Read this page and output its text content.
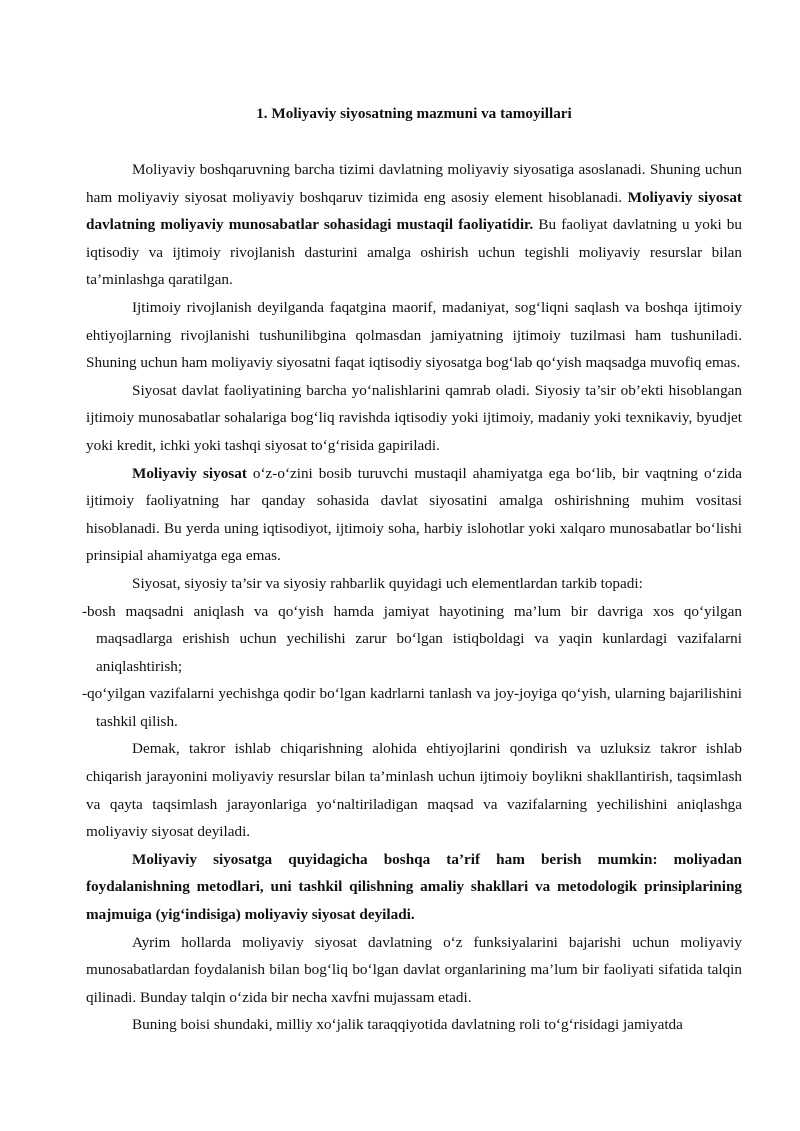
1. Moliyaviy siyosatning mazmuni va tamoyillari

Moliyaviy boshqaruvning barcha tizimi davlatning moliyaviy siyosatiga asoslanadi. Shuning uchun ham moliyaviy siyosat moliyaviy boshqaruv tizimida eng asosiy element hisoblanadi. Moliyaviy siyosat davlatning moliyaviy munosabatlar sohasidagi mustaqil faoliyatidir. Bu faoliyat davlatning u yoki bu iqtisodiy va ijtimoiy rivojlanish dasturini amalga oshirish uchun tegishli moliyaviy resurslar bilan ta’minlashga qaratilgan.

Ijtimoiy rivojlanish deyilganda faqatgina maorif, madaniyat, sog‘liqni saqlash va boshqa ijtimoiy ehtiyojlarning rivojlanishi tushunilibgina qolmasdan jamiyatning ijtimoiy tuzilmasi ham tushuniladi. Shuning uchun ham moliyaviy siyosatni faqat iqtisodiy siyosatga bog‘lab qo‘yish maqsadga muvofiq emas.

Siyosat davlat faoliyatining barcha yo‘nalishlarini qamrab oladi. Siyosiy ta’sir ob’ekti hisoblangan ijtimoiy munosabatlar sohalariga bog‘liq ravishda iqtisodiy yoki ijtimoiy, madaniy yoki texnikaviy, byudjet yoki kredit, ichki yoki tashqi siyosat to‘g‘risida gapiriladi.

Moliyaviy siyosat o‘z-o‘zini bosib turuvchi mustaqil ahamiyatga ega bo‘lib, bir vaqtning o‘zida ijtimoiy faoliyatning har qanday sohasida davlat siyosatini amalga oshirishning muhim vositasi hisoblanadi. Bu yerda uning iqtisodiyot, ijtimoiy soha, harbiy islohotlar yoki xalqaro munosabatlar bo‘lishi prinsipial ahamiyatga ega emas.

Siyosat, siyosiy ta’sir va siyosiy rahbarlik quyidagi uch elementlardan tarkib topadi:

-bosh maqsadni aniqlash va qo‘yish hamda jamiyat hayotining ma’lum bir davriga xos qo‘yilgan maqsadlarga erishish uchun yechilishi zarur bo‘lgan istiqboldagi va yaqin kunlardagi vazifalarni aniqlashtirish;

-qo‘yilgan vazifalarni yechishga qodir bo‘lgan kadrlarni tanlash va joy-joyiga qo‘yish, ularning bajarilishini tashkil qilish.

Demak, takror ishlab chiqarishning alohida ehtiyojlarini qondirish va uzluksiz takror ishlab chiqarish jarayonini moliyaviy resurslar bilan ta’minlash uchun ijtimoiy boylikni shakllantirish, taqsimlash va qayta taqsimlash jarayonlariga yo‘naltiriladigan maqsad va vazifalarning yechilishini aniqlashga moliyaviy siyosat deyiladi.

Moliyaviy siyosatga quyidagicha boshqa ta’rif ham berish mumkin: moliyadan foydalanishning metodlari, uni tashkil qilishning amaliy shakllari va metodologik prinsiplarining majmuiga (yig‘indisiga) moliyaviy siyosat deyiladi.

Ayrim hollarda moliyaviy siyosat davlatning o‘z funksiyalarini bajarishi uchun moliyaviy munosabatlardan foydalanish bilan bog‘liq bo‘lgan davlat organlarining ma’lum bir faoliyati sifatida talqin qilinadi. Bunday talqin o‘zida bir necha xavfni mujassam etadi.

Buning boisi shundaki, milliy xo‘jalik taraqqiyotida davlatning roli to‘g‘risidagi jamiyatda
